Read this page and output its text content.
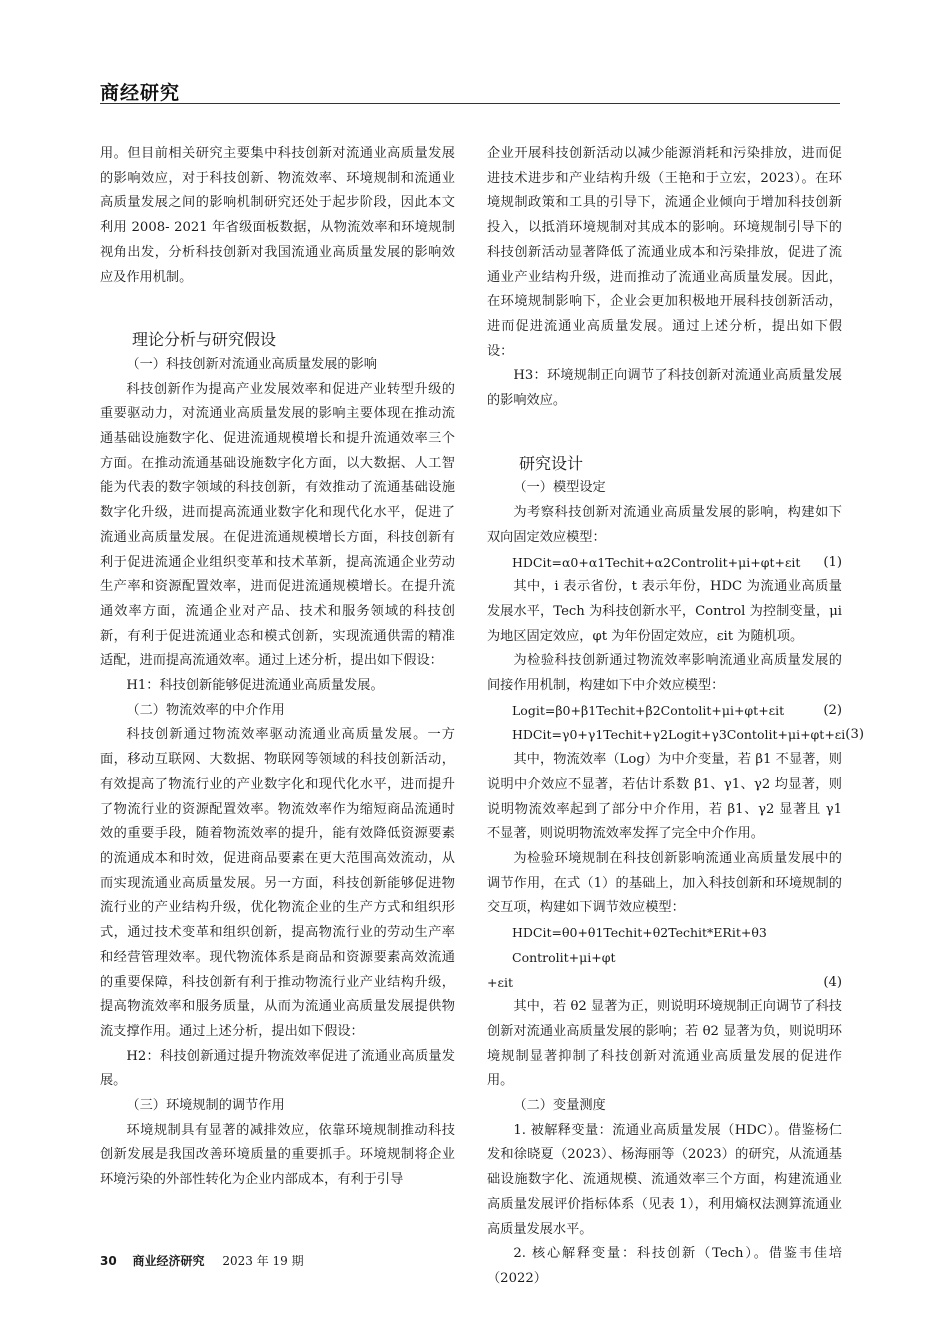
商经研究

用。但目前相关研究主要集中科技创新对流通业高质量发展的影响效应，对于科技创新、物流效率、环境规制和流通业高质量发展之间的影响机制研究还处于起步阶段，因此本文利用 2008- 2021 年省级面板数据，从物流效率和环境规制视角出发，分析科技创新对我国流通业高质量发展的影响效应及作用机制。

理论分析与研究假设
（一）科技创新对流通业高质量发展的影响

科技创新作为提高产业发展效率和促进产业转型升级的重要驱动力，对流通业高质量发展的影响主要体现在推动流通基础设施数字化、促进流通规模增长和提升流通效率三个方面。在推动流通基础设施数字化方面，以大数据、人工智能为代表的数字领域的科技创新，有效推动了流通基础设施数字化升级，进而提高流通业数字化和现代化水平，促进了流通业高质量发展。在促进流通规模增长方面，科技创新有利于促进流通企业组织变革和技术革新，提高流通企业劳动生产率和资源配置效率，进而促进流通规模增长。在提升流通效率方面，流通企业对产品、技术和服务领域的科技创新，有利于促进流通业态和模式创新，实现流通供需的精准适配，进而提高流通效率。通过上述分析，提出如下假设：

H1：科技创新能够促进流通业高质量发展。

（二）物流效率的中介作用

科技创新通过物流效率驱动流通业高质量发展。一方面，移动互联网、大数据、物联网等领域的科技创新活动，有效提高了物流行业的产业数字化和现代化水平，进而提升了物流行业的资源配置效率。物流效率作为缩短商品流通时效的重要手段，随着物流效率的提升，能有效降低资源要素的流通成本和时效，促进商品要素在更大范围高效流动，从而实现流通业高质量发展。另一方面，科技创新能够促进物流行业的产业结构升级，优化物流企业的生产方式和组织形式，通过技术变革和组织创新，提高物流行业的劳动生产率和经营管理效率。现代物流体系是商品和资源要素高效流通的重要保障，科技创新有利于推动物流行业产业结构升级，提高物流效率和服务质量，从而为流通业高质量发展提供物流支撑作用。通过上述分析，提出如下假设：

H2：科技创新通过提升物流效率促进了流通业高质量发展。

（三）环境规制的调节作用

环境规制具有显著的减排效应，依靠环境规制推动科技创新发展是我国改善环境质量的重要抓手。环境规制将企业环境污染的外部性转化为企业内部成本，有利于引导

企业开展科技创新活动以减少能源消耗和污染排放，进而促进技术进步和产业结构升级（王艳和于立宏，2023）。在环境规制政策和工具的引导下，流通企业倾向于增加科技创新投入，以抵消环境规制对其成本的影响。环境规制引导下的科技创新活动显著降低了流通业成本和污染排放，促进了流通业产业结构升级，进而推动了流通业高质量发展。因此，在环境规制影响下，企业会更加积极地开展科技创新活动，进而促进流通业高质量发展。通过上述分析，提出如下假设：

H3：环境规制正向调节了科技创新对流通业高质量发展的影响效应。

研究设计
（一）模型设定

为考察科技创新对流通业高质量发展的影响，构建如下双向固定效应模型：

HDCit=α0+α1Techit+α2Controlit+μi+φt+εit (1)

其中，i 表示省份，t 表示年份，HDC 为流通业高质量发展水平，Tech 为科技创新水平，Control 为控制变量，μi 为地区固定效应，φt 为年份固定效应，εit 为随机项。

为检验科技创新通过物流效率影响流通业高质量发展的间接作用机制，构建如下中介效应模型：

Logit=β0+β1Techit+β2Contolit+μi+φt+εit	(2)
HDCit=γ0+γ1Techit+γ2Logit+γ3Contolit+μi+φt+εi (3)

其中，物流效率（Log）为中介变量，若 β1 不显著，则说明中介效应不显著，若估计系数 β1、γ1、γ2 均显著，则说明物流效率起到了部分中介作用，若 β1、γ2 显著且 γ1 不显著，则说明物流效率发挥了完全中介作用。

为检验环境规制在科技创新影响流通业高质量发展中的调节作用，在式（1）的基础上，加入科技创新和环境规制的交互项，构建如下调节效应模型：

HDCit=θ0+θ1Techit+θ2Techit*ERit+θ3 Controlit+μi+φt
+εit	(4)

其中，若 θ2 显著为正，则说明环境规制正向调节了科技创新对流通业高质量发展的影响；若 θ2 显著为负，则说明环境规制显著抑制了科技创新对流通业高质量发展的促进作用。

（二）变量测度

1. 被解释变量：流通业高质量发展（HDC）。借鉴杨仁发和徐晓夏（2023）、杨海丽等（2023）的研究，从流通基础设施数字化、流通规模、流通效率三个方面，构建流通业高质量发展评价指标体系（见表 1），利用熵权法测算流通业高质量发展水平。

2. 核心解释变量：科技创新（Tech）。借鉴韦佳培（2022）

30 商业经济研究 2023 年 19 期
